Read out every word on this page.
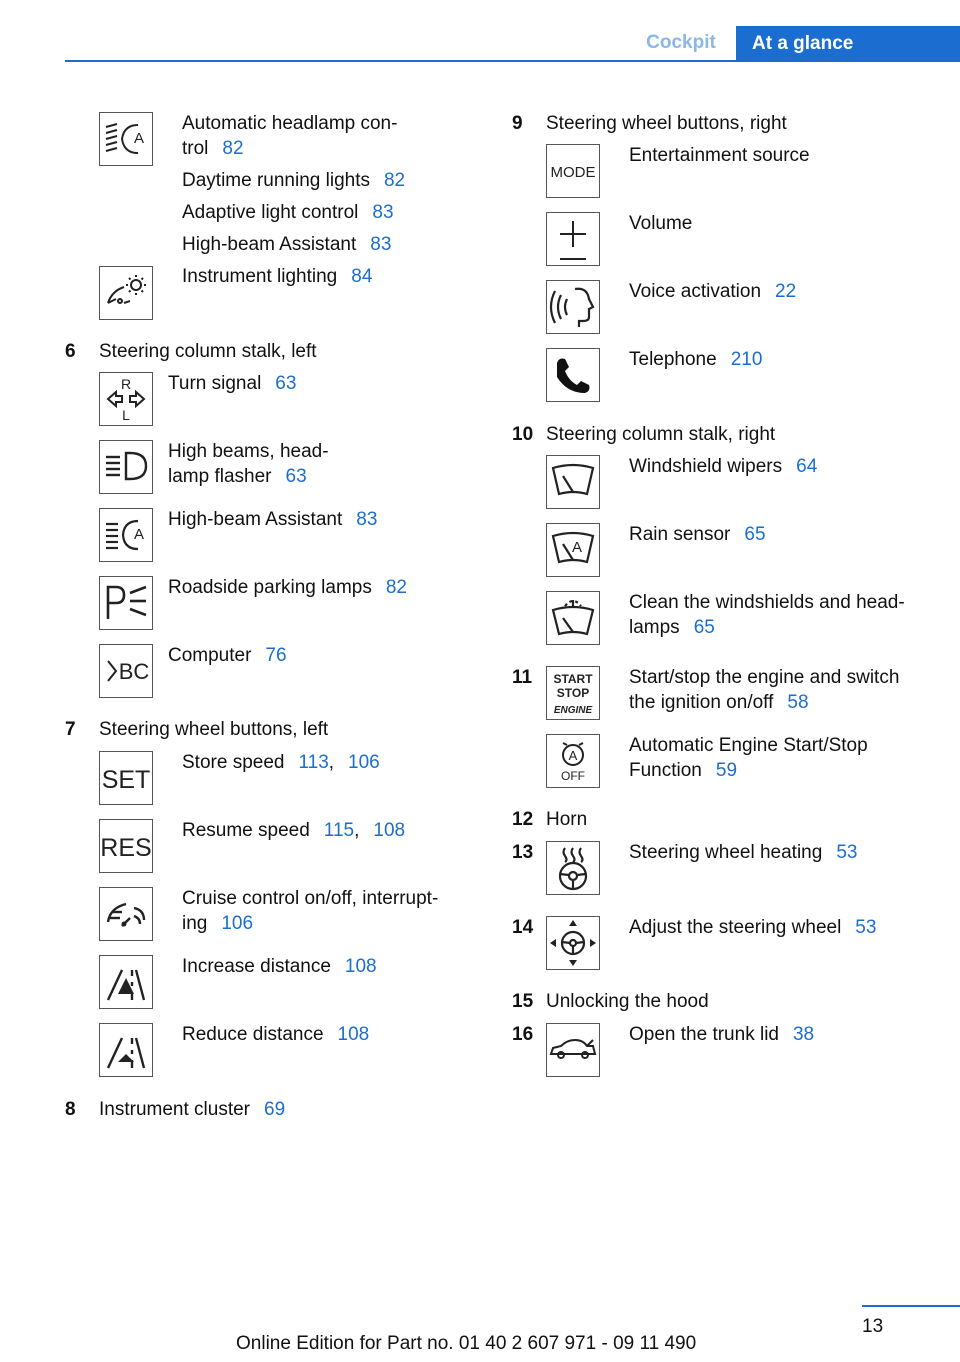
Cockpit	At a glance
A
Automatic headlamp con-
trol 82
Daytime running lights 82
Adaptive light control 83
High-beam Assistant 83
Instrument lighting 84
6 Steering column stalk, left
R
L
Turn signal 63
High beams, head-
lamp flasher 63
A
High-beam Assistant 83
Roadside parking lamps 82
BC
Computer 76
7 Steering wheel buttons, left
SET
Store speed 113, 106
RES
Resume speed 115, 108
Cruise control on/off, interrupt-
ing 106
Increase distance 108
Reduce distance 108
8 Instrument cluster 69
9 Steering wheel buttons, right
MODE
Entertainment source
Volume
Voice activation 22
Telephone 210
10 Steering column stalk, right
Windshield wipers 64
A
Rain sensor 65
Clean the windshields and head-
lamps 65
11 START
STOP
ENGINE
Start/stop the engine and switch
the ignition on/off 58
A
OFF
Automatic Engine Start/Stop
Function 59
12 Horn
13	Steering wheel heating 53
14	Adjust the steering wheel 53
15 Unlocking the hood
16	Open the trunk lid 38
13
Online Edition for Part no. 01 40 2 607 971 - 09 11 490
